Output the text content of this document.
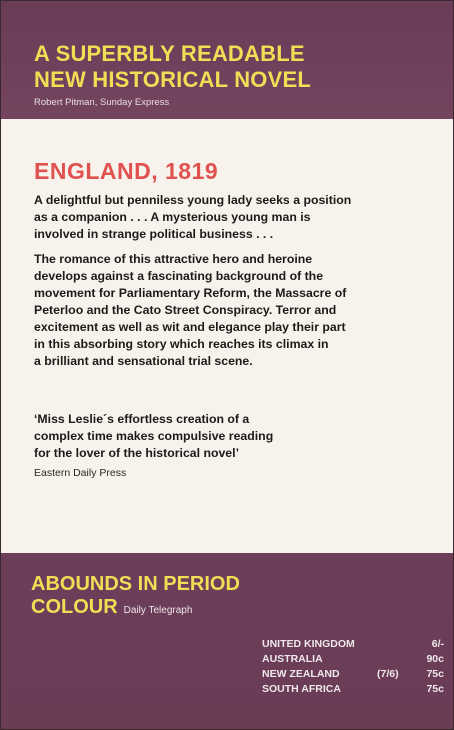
A SUPERBLY READABLE
NEW HISTORICAL NOVEL
Robert Pitman, Sunday Express
ENGLAND, 1819
A delightful but penniless young lady seeks a position
as a companion . . . A mysterious young man is
involved in strange political business . . .
The romance of this attractive hero and heroine
develops against a fascinating background of the
movement for Parliamentary Reform, the Massacre of
Peterloo and the Cato Street Conspiracy. Terror and
excitement as well as wit and elegance play their part
in this absorbing story which reaches its climax in
a brilliant and sensational trial scene.
‘Miss Leslie´s effortless creation of a
complex time makes compulsive reading
for the lover of the historical novel’
Eastern Daily Press
ABOUNDS IN PERIOD
COLOUR Daily Telegraph
UNITED KINGDOM	6/-
AUSTRALIA	90c
NEW ZEALAND	(7/6)	75c
SOUTH AFRICA	75c
